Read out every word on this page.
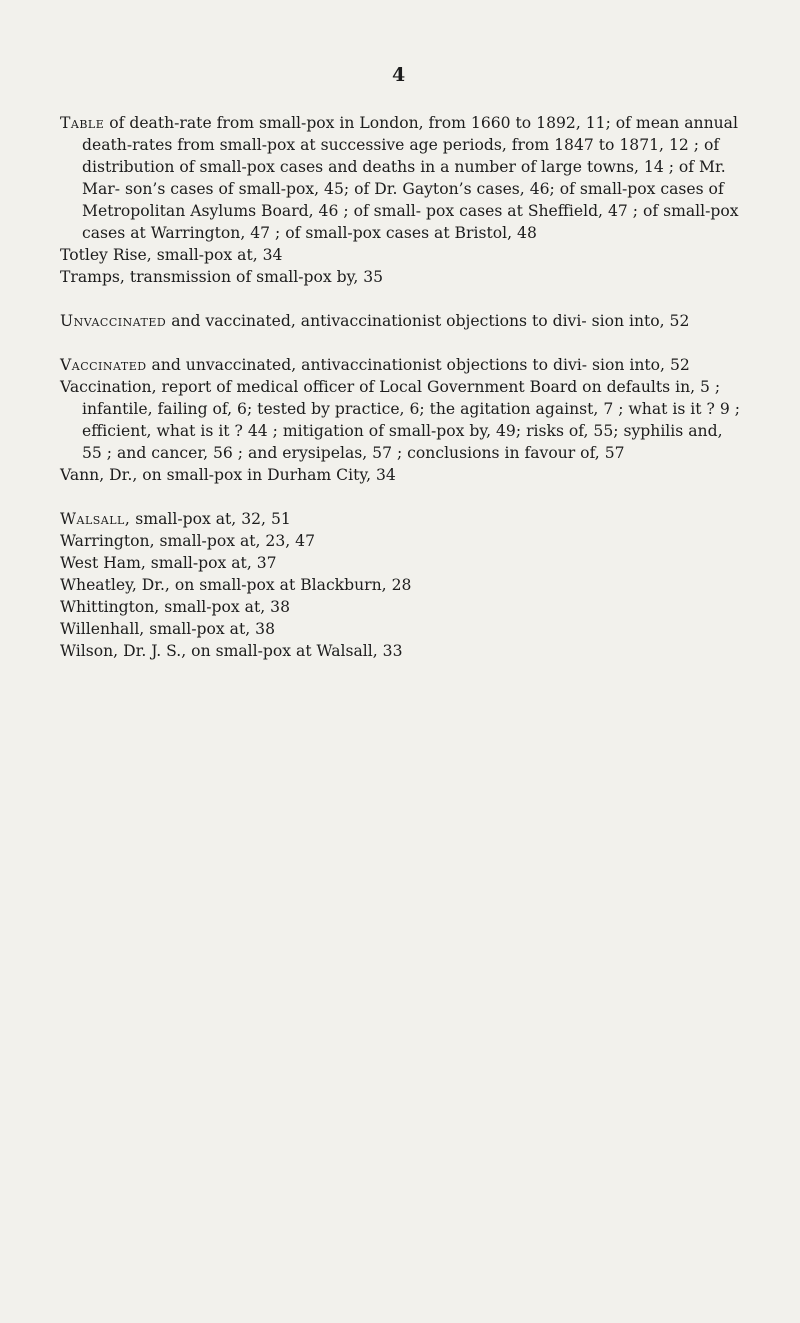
4

Table of death-rate from small-pox in London, from 1660 to 1892, 11; of mean annual death-rates from small-pox at successive age periods, from 1847 to 1871, 12 ; of distribution of small-pox cases and deaths in a number of large towns, 14 ; of Mr. Mar- son’s cases of small-pox, 45; of Dr. Gayton’s cases, 46; of small-pox cases of Metropolitan Asylums Board, 46 ; of small- pox cases at Sheffield, 47 ; of small-pox cases at Warrington, 47 ; of small-pox cases at Bristol, 48

Totley Rise, small-pox at, 34

Tramps, transmission of small-pox by, 35

Unvaccinated and vaccinated, antivaccinationist objections to divi- sion into, 52

Vaccinated and unvaccinated, antivaccinationist objections to divi- sion into, 52

Vaccination, report of medical officer of Local Government Board on defaults in, 5 ; infantile, failing of, 6; tested by practice, 6; the agitation against, 7 ; what is it ? 9 ; efficient, what is it ? 44 ; mitigation of small-pox by, 49; risks of, 55; syphilis and, 55 ; and cancer, 56 ; and erysipelas, 57 ; conclusions in favour of, 57

Vann, Dr., on small-pox in Durham City, 34

Walsall, small-pox at, 32, 51

Warrington, small-pox at, 23, 47

West Ham, small-pox at, 37

Wheatley, Dr., on small-pox at Blackburn, 28

Whittington, small-pox at, 38

Willenhall, small-pox at, 38

Wilson, Dr. J. S., on small-pox at Walsall, 33
